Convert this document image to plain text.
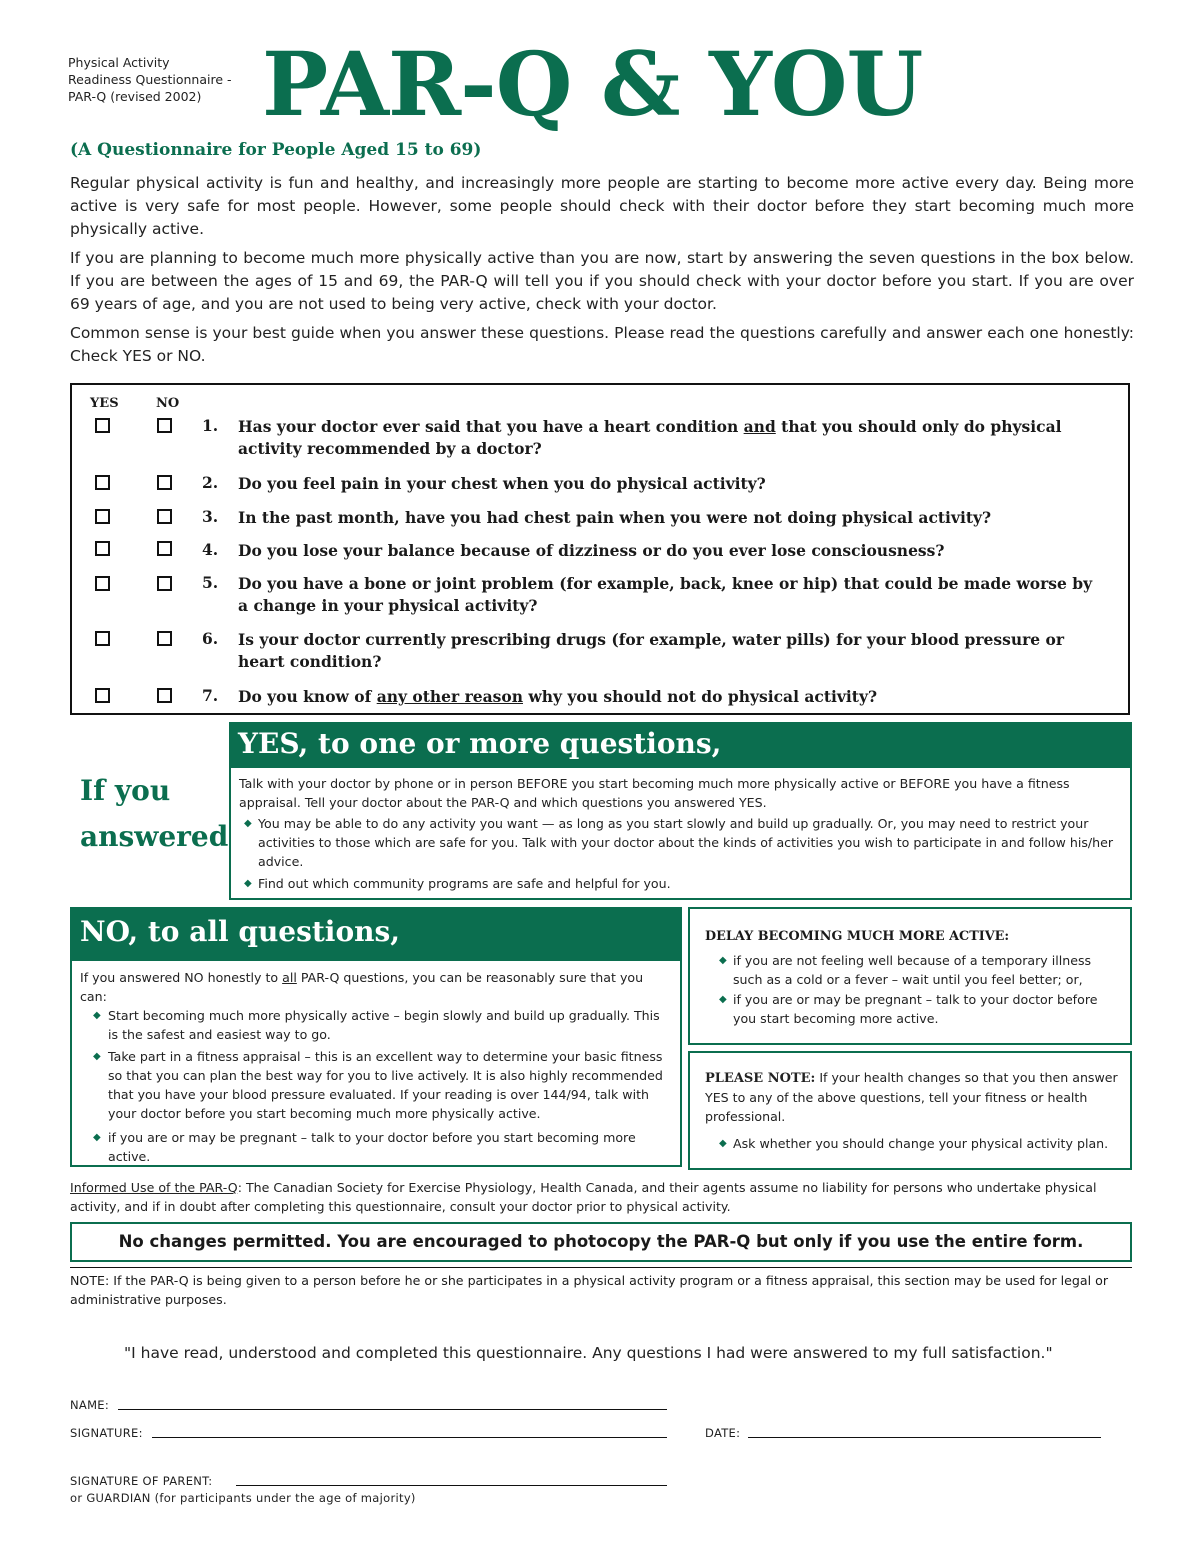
Physical Activity
Readiness Questionnaire -
PAR-Q (revised 2002) PAR-Q & YOU
(A Questionnaire for People Aged 15 to 69)
Regular physical activity is fun and healthy, and increasingly more people are starting to become more active every day. Being more active is very safe for most people. However, some people should check with their doctor before they start becoming much more physically active.
If you are planning to become much more physically active than you are now, start by answering the seven questions in the box below. If you are between the ages of 15 and 69, the PAR-Q will tell you if you should check with your doctor before you start. If you are over 69 years of age, and you are not used to being very active, check with your doctor.
Common sense is your best guide when you answer these questions. Please read the questions carefully and answer each one honestly: Check YES or NO.
YES	NO
1. Has your doctor ever said that you have a heart condition and that you should only do physical activity recommended by a doctor?
2. Do you feel pain in your chest when you do physical activity?
3. In the past month, have you had chest pain when you were not doing physical activity?
4. Do you lose your balance because of dizziness or do you ever lose consciousness?
5. Do you have a bone or joint problem (for example, back, knee or hip) that could be made worse by a change in your physical activity?
6. Is your doctor currently prescribing drugs (for example, water pills) for your blood pressure or heart condition?
7. Do you know of any other reason why you should not do physical activity?
If you
answered
YES, to one or more questions,
Talk with your doctor by phone or in person BEFORE you start becoming much more physically active or BEFORE you have a fitness appraisal. Tell your doctor about the PAR-Q and which questions you answered YES.
◆ You may be able to do any activity you want — as long as you start slowly and build up gradually. Or, you may need to restrict your activities to those which are safe for you. Talk with your doctor about the kinds of activities you wish to participate in and follow his/her advice.
◆ Find out which community programs are safe and helpful for you.
NO, to all questions,
If you answered NO honestly to all PAR-Q questions, you can be reasonably sure that you can:
◆ Start becoming much more physically active – begin slowly and build up gradually. This is the safest and easiest way to go.
◆ Take part in a fitness appraisal – this is an excellent way to determine your basic fitness so that you can plan the best way for you to live actively. It is also highly recommended that you have your blood pressure evaluated. If your reading is over 144/94, talk with your doctor before you start becoming much more physically active.
◆ if you are or may be pregnant – talk to your doctor before you start becoming more active.
DELAY BECOMING MUCH MORE ACTIVE:
◆ if you are not feeling well because of a temporary illness such as a cold or a fever – wait until you feel better; or,
◆ if you are or may be pregnant – talk to your doctor before you start becoming more active.
PLEASE NOTE: If your health changes so that you then answer YES to any of the above questions, tell your fitness or health professional.
◆ Ask whether you should change your physical activity plan.
Informed Use of the PAR-Q: The Canadian Society for Exercise Physiology, Health Canada, and their agents assume no liability for persons who undertake physical activity, and if in doubt after completing this questionnaire, consult your doctor prior to physical activity.
No changes permitted. You are encouraged to photocopy the PAR-Q but only if you use the entire form.
NOTE: If the PAR-Q is being given to a person before he or she participates in a physical activity program or a fitness appraisal, this section may be used for legal or administrative purposes.
"I have read, understood and completed this questionnaire. Any questions I had were answered to my full satisfaction."
NAME:
SIGNATURE:	DATE:
SIGNATURE OF PARENT:
or GUARDIAN (for participants under the age of majority)
